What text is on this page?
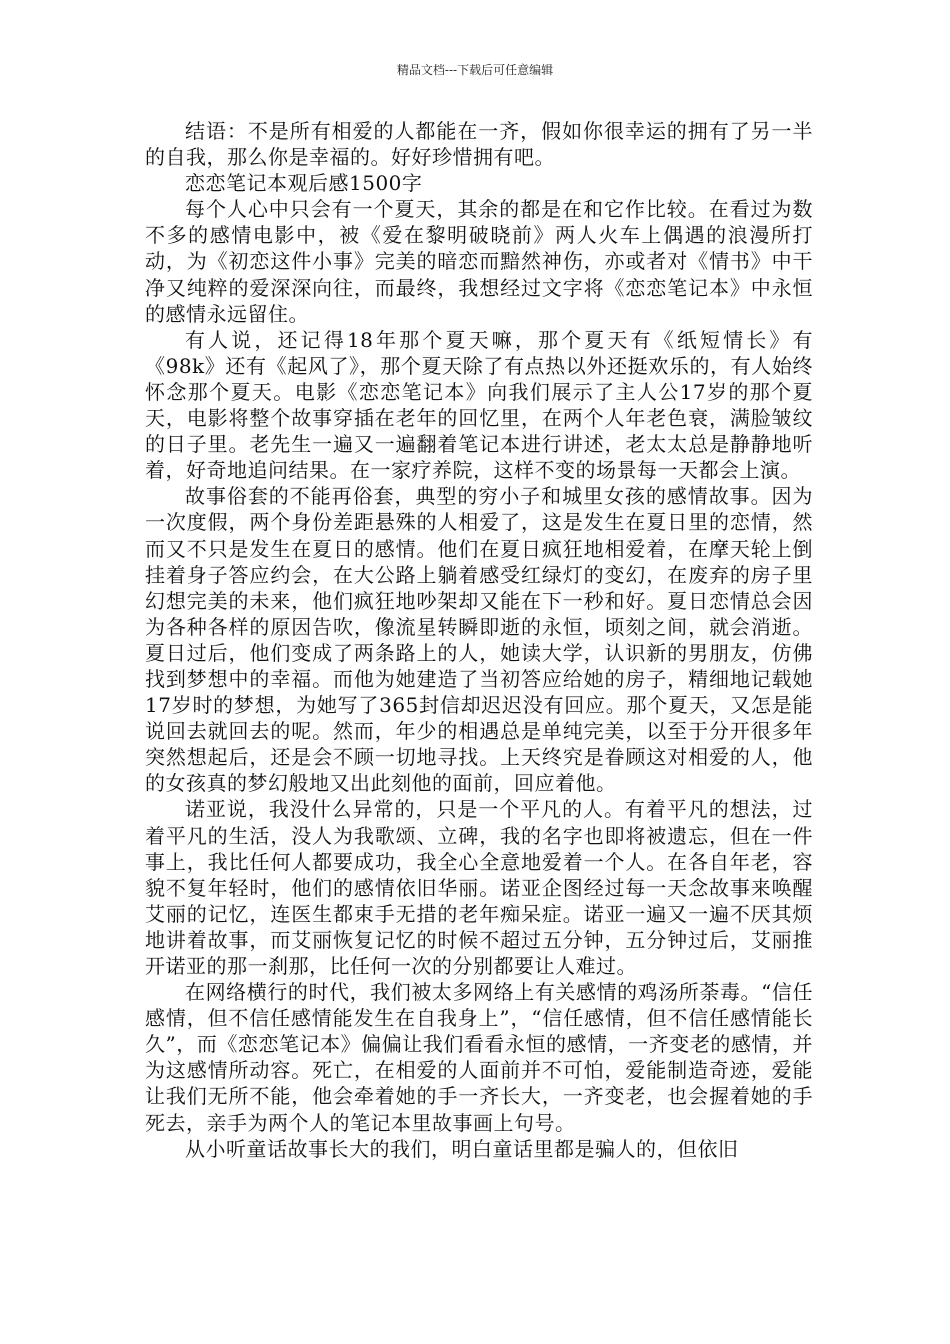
精品文档---下载后可任意编辑

结语：不是所有相爱的人都能在一齐，假如你很幸运的拥有了另一半的自我，那么你是幸福的。好好珍惜拥有吧。

恋恋笔记本观后感1500字

每个人心中只会有一个夏天，其余的都是在和它作比较。在看过为数不多的感情电影中，被《爱在黎明破晓前》两人火车上偶遇的浪漫所打动，为《初恋这件小事》完美的暗恋而黯然神伤，亦或者对《情书》中干净又纯粹的爱深深向往，而最终，我想经过文字将《恋恋笔记本》中永恒的感情永远留住。

有人说，还记得18年那个夏天嘛，那个夏天有《纸短情长》有《98k》还有《起风了》，那个夏天除了有点热以外还挺欢乐的，有人始终怀念那个夏天。电影《恋恋笔记本》向我们展示了主人公17岁的那个夏天，电影将整个故事穿插在老年的回忆里，在两个人年老色衰，满脸皱纹的日子里。老先生一遍又一遍翻着笔记本进行讲述，老太太总是静静地听着，好奇地追问结果。在一家疗养院，这样不变的场景每一天都会上演。

故事俗套的不能再俗套，典型的穷小子和城里女孩的感情故事。因为一次度假，两个身份差距悬殊的人相爱了，这是发生在夏日里的恋情，然而又不只是发生在夏日的感情。他们在夏日疯狂地相爱着，在摩天轮上倒挂着身子答应约会，在大公路上躺着感受红绿灯的变幻，在废弃的房子里幻想完美的未来，他们疯狂地吵架却又能在下一秒和好。夏日恋情总会因为各种各样的原因告吹，像流星转瞬即逝的永恒，顷刻之间，就会消逝。夏日过后，他们变成了两条路上的人，她读大学，认识新的男朋友，仿佛找到梦想中的幸福。而他为她建造了当初答应给她的房子，精细地记载她17岁时的梦想，为她写了365封信却迟迟没有回应。那个夏天，又怎是能说回去就回去的呢。然而，年少的相遇总是单纯完美，以至于分开很多年突然想起后，还是会不顾一切地寻找。上天终究是眷顾这对相爱的人，他的女孩真的梦幻般地又出此刻他的面前，回应着他。

诺亚说，我没什么异常的，只是一个平凡的人。有着平凡的想法，过着平凡的生活，没人为我歌颂、立碑，我的名字也即将被遗忘，但在一件事上，我比任何人都要成功，我全心全意地爱着一个人。在各自年老，容貌不复年轻时，他们的感情依旧华丽。诺亚企图经过每一天念故事来唤醒艾丽的记忆，连医生都束手无措的老年痴呆症。诺亚一遍又一遍不厌其烦地讲着故事，而艾丽恢复记忆的时候不超过五分钟，五分钟过后，艾丽推开诺亚的那一刹那，比任何一次的分别都要让人难过。

在网络横行的时代，我们被太多网络上有关感情的鸡汤所荼毒。“信任感情，但不信任感情能发生在自我身上”，“信任感情，但不信任感情能长久”，而《恋恋笔记本》偏偏让我们看看永恒的感情，一齐变老的感情，并为这感情所动容。死亡，在相爱的人面前并不可怕，爱能制造奇迹，爱能让我们无所不能，他会牵着她的手一齐长大，一齐变老，也会握着她的手死去，亲手为两个人的笔记本里故事画上句号。

从小听童话故事长大的我们，明白童话里都是骗人的，但依旧
